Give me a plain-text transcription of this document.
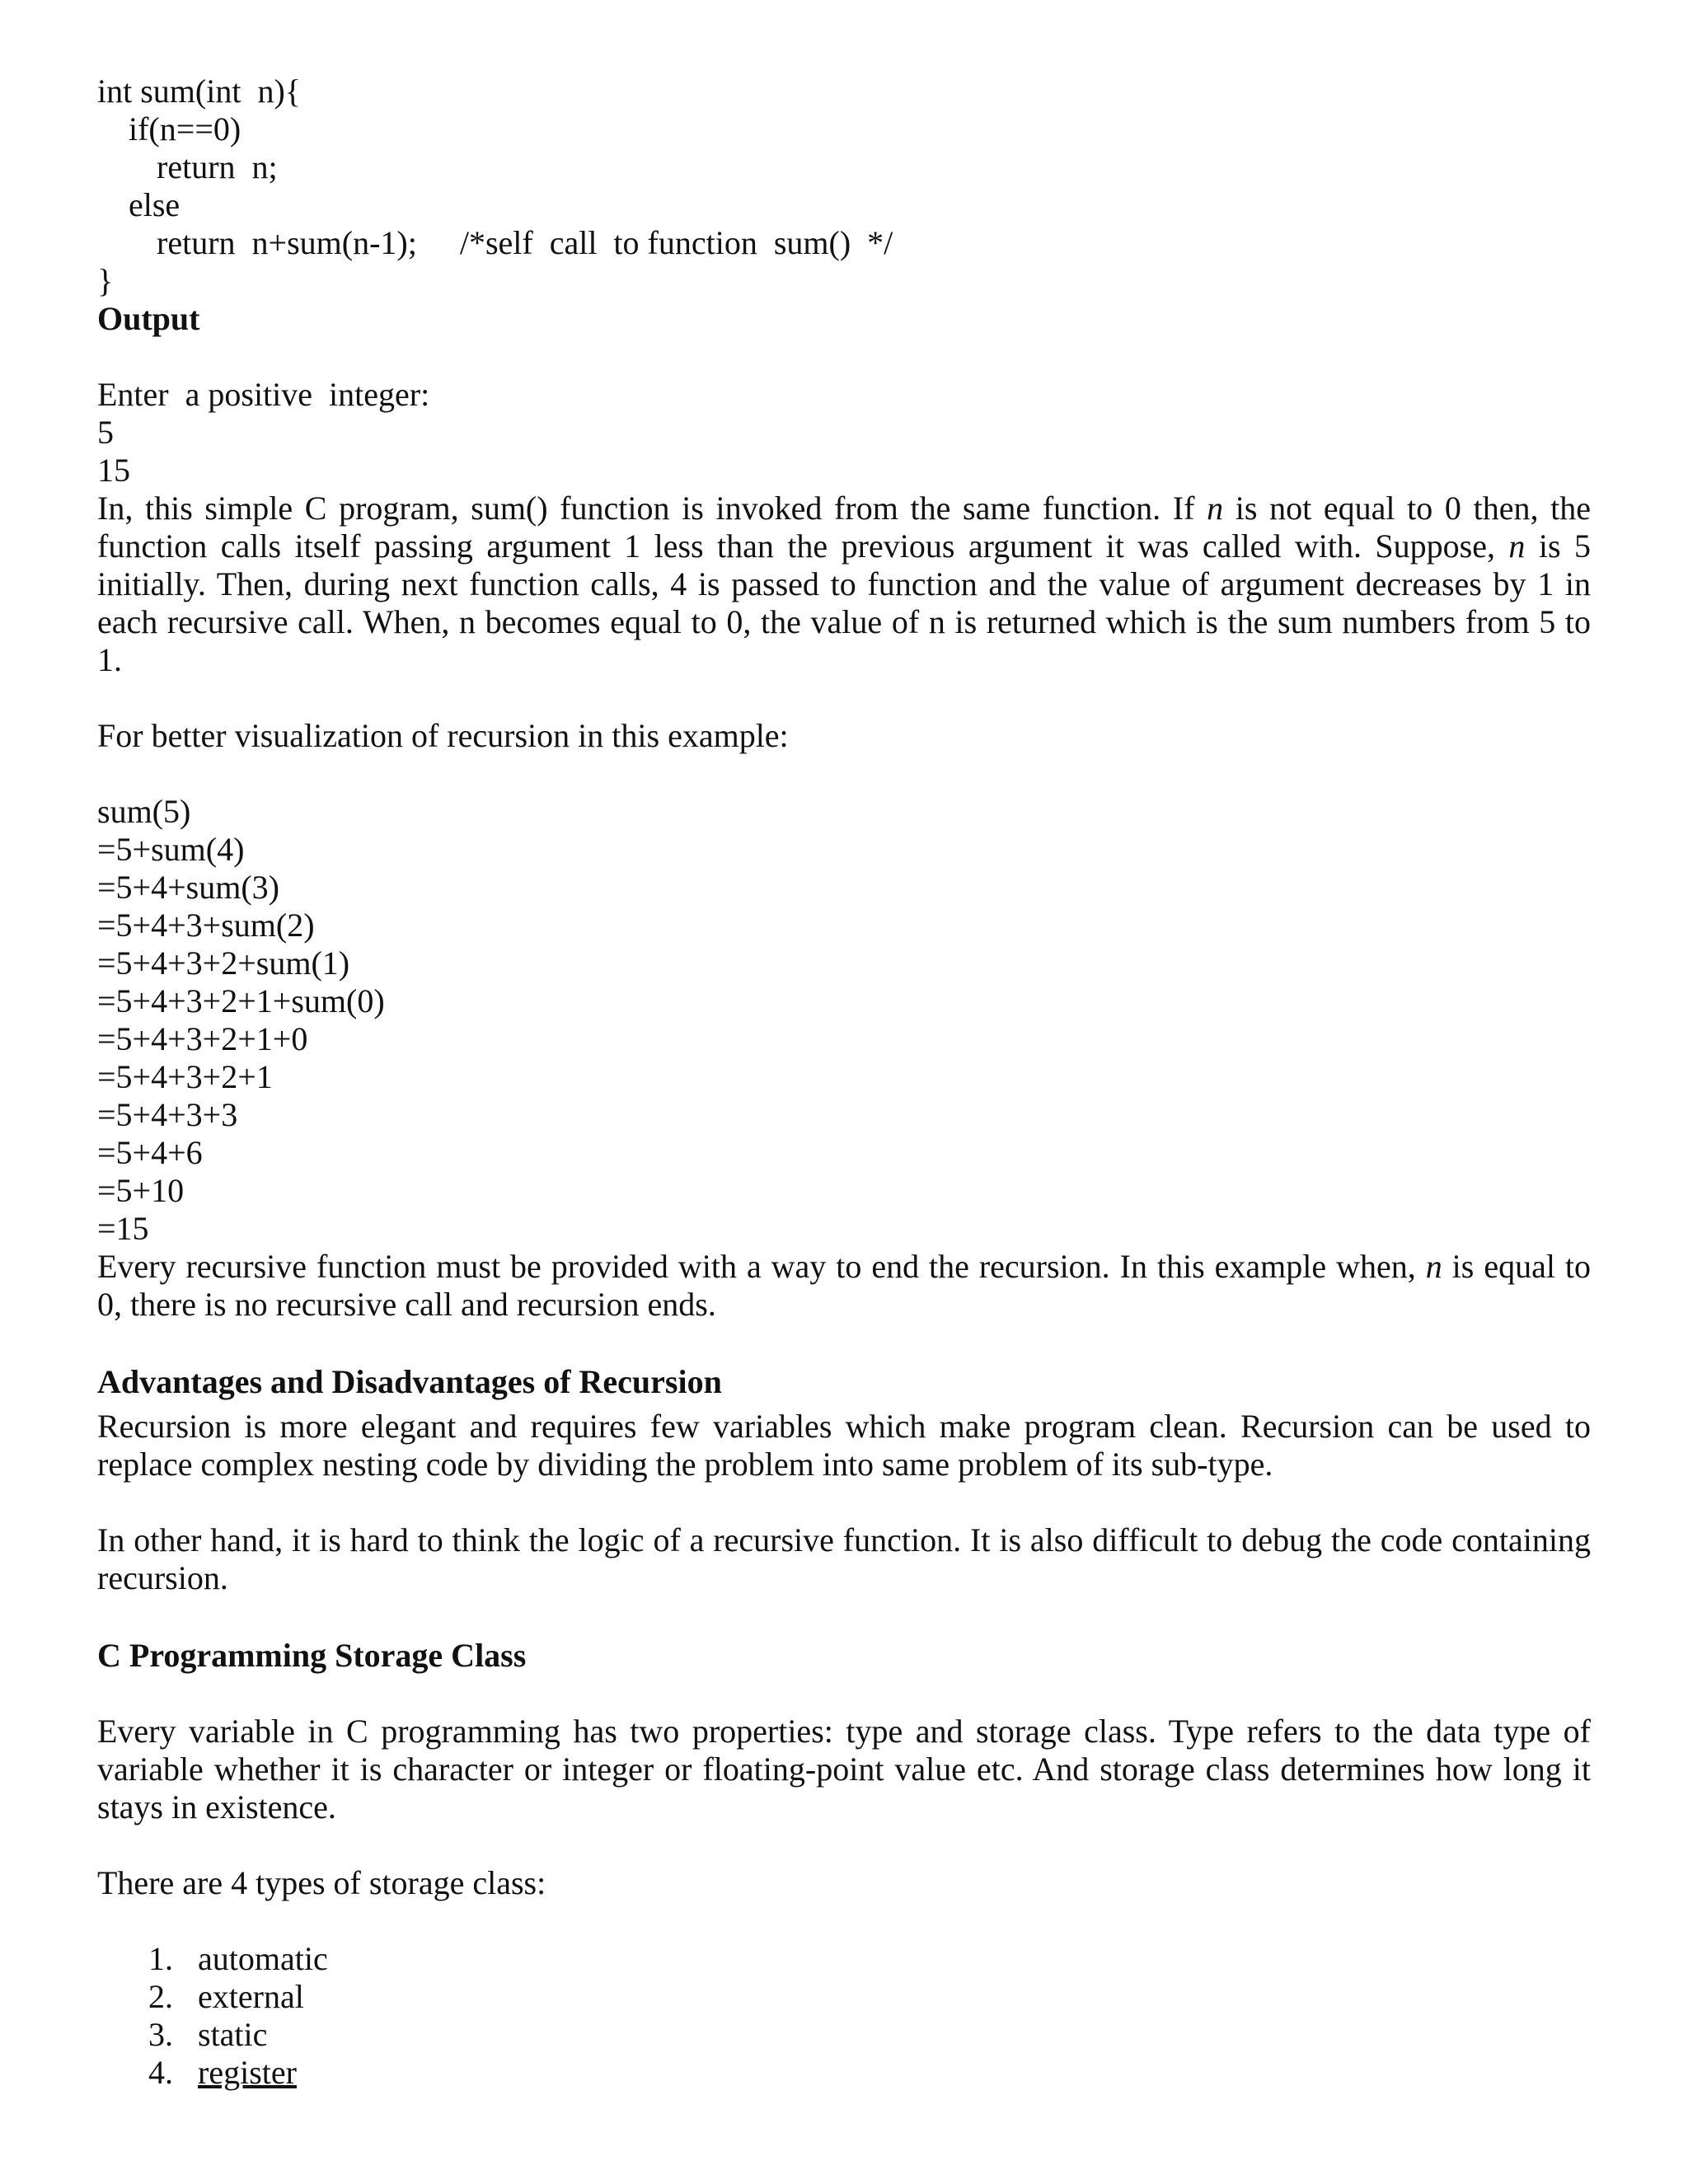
int sum(int  n){

if(n==0)

return  n;

else

return  n+sum(n-1); /*self  call  to function  sum()  */

}

Output

Enter  a positive  integer:

5

15

In, this simple C program, sum() function is invoked from the same function. If n is not equal to 0 then, the function calls itself passing argument 1 less than the previous argument it was called with. Suppose, n is 5 initially. Then, during next function calls, 4 is passed to function and the value of argument decreases by 1 in each recursive call. When, n becomes equal to 0, the value of n is returned which is the sum numbers from 5 to 1.

For better visualization of recursion in this example:

sum(5)

=5+sum(4)

=5+4+sum(3)

=5+4+3+sum(2)

=5+4+3+2+sum(1)

=5+4+3+2+1+sum(0)

=5+4+3+2+1+0

=5+4+3+2+1

=5+4+3+3

=5+4+6

=5+10

=15

Every recursive function must be provided with a way to end the recursion. In this example when, n is equal to 0, there is no recursive call and recursion ends.

Advantages and Disadvantages of Recursion

Recursion is more elegant and requires few variables which make program clean. Recursion can be used to replace complex nesting code by dividing the problem into same problem of its sub-type.

In other hand, it is hard to think the logic of a recursive function. It is also difficult to debug the code containing recursion.

C Programming Storage Class

Every variable in C programming has two properties: type and storage class. Type refers to the data type of variable whether it is character or integer or floating-point value etc. And storage class determines how long it stays in existence.

There are 4 types of storage class:

1. automatic
2. external
3. static
4. register
